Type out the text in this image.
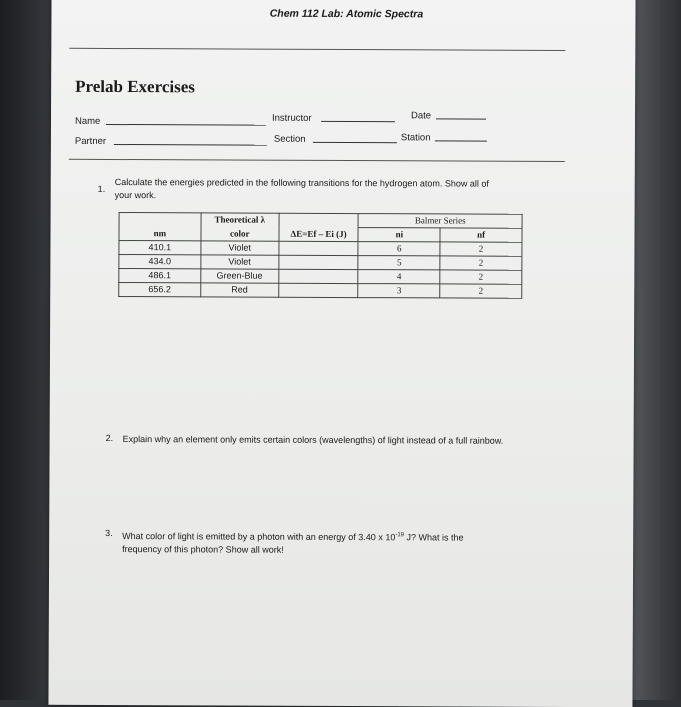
Chem 112 Lab: Atomic Spectra
Prelab Exercises
Name	Instructor	Date
Partner	Section	Station
1.
Calculate the energies predicted in the following transitions for the hydrogen atom. Show all of
your work.
	Theoretical λ		Balmer Series	
nm	color	ΔE=Ef – Ei (J)	ni	nf
410.1	Violet		6	2
434.0	Violet		5	2
486.1	Green-Blue		4	2
656.2	Red		3	2
2. Explain why an element only emits certain colors (wavelengths) of light instead of a full rainbow.
3. What color of light is emitted by a photon with an energy of 3.40 x $10^{-19}$ J? What is the
frequency of this photon? Show all work!
